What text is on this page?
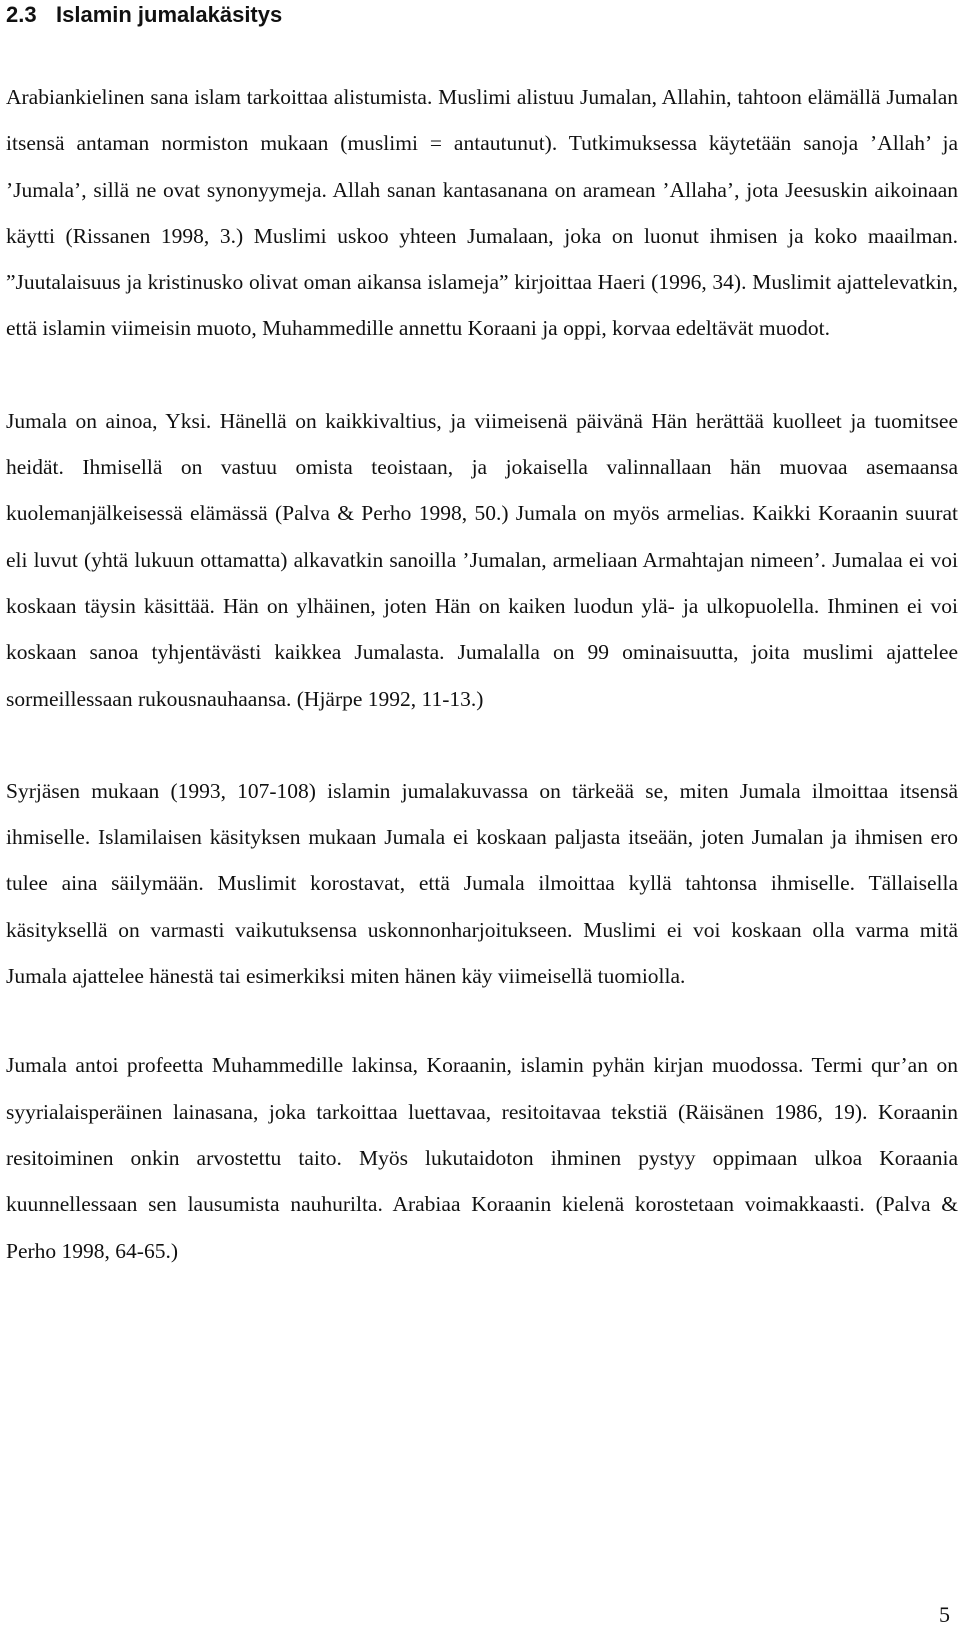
2.3 Islamin jumalakäsitys

Arabiankielinen sana islam tarkoittaa alistumista. Muslimi alistuu Jumalan, Allahin, tahtoon elämällä Jumalan itsensä antaman normiston mukaan (muslimi = antautunut). Tutkimuksessa käytetään sanoja ’Allah’ ja ’Jumala’, sillä ne ovat synonyymeja. Allah sanan kantasanana on aramean ’Allaha’, jota Jeesuskin aikoinaan käytti (Rissanen 1998, 3.) Muslimi uskoo yhteen Jumalaan, joka on luonut ihmisen ja koko maailman. ”Juutalaisuus ja kristinusko olivat oman aikansa islameja” kirjoittaa Haeri (1996, 34). Muslimit ajattelevatkin, että islamin viimeisin muoto, Muhammedille annettu Koraani ja oppi, korvaa edeltävät muodot.

Jumala on ainoa, Yksi. Hänellä on kaikkivaltius, ja viimeisenä päivänä Hän herättää kuolleet ja tuomitsee heidät. Ihmisellä on vastuu omista teoistaan, ja jokaisella valinnallaan hän muovaa asemaansa kuolemanjälkeisessä elämässä (Palva & Perho 1998, 50.) Jumala on myös armelias. Kaikki Koraanin suurat eli luvut (yhtä lukuun ottamatta) alkavatkin sanoilla ’Jumalan, armeliaan Armahtajan nimeen’. Jumalaa ei voi koskaan täysin käsittää. Hän on ylhäinen, joten Hän on kaiken luodun ylä- ja ulkopuolella. Ihminen ei voi koskaan sanoa tyhjentävästi kaikkea Jumalasta. Jumalalla on 99 ominaisuutta, joita muslimi ajattelee sormeillessaan rukousnauhaansa. (Hjärpe 1992, 11-13.)

Syrjäsen mukaan (1993, 107-108) islamin jumalakuvassa on tärkeää se, miten Jumala ilmoittaa itsensä ihmiselle. Islamilaisen käsityksen mukaan Jumala ei koskaan paljasta itseään, joten Jumalan ja ihmisen ero tulee aina säilymään. Muslimit korostavat, että Jumala ilmoittaa kyllä tahtonsa ihmiselle. Tällaisella käsityksellä on varmasti vaikutuksensa uskonnonharjoitukseen. Muslimi ei voi koskaan olla varma mitä Jumala ajattelee hänestä tai esimerkiksi miten hänen käy viimeisellä tuomiolla.

Jumala antoi profeetta Muhammedille lakinsa, Koraanin, islamin pyhän kirjan muodossa. Termi qur’an on syyrialaisperäinen lainasana, joka tarkoittaa luettavaa, resitoitavaa tekstiä (Räisänen 1986, 19). Koraanin resitoiminen onkin arvostettu taito. Myös lukutaidoton ihminen pystyy oppimaan ulkoa Koraania kuunnellessaan sen lausumista nauhurilta. Arabiaa Koraanin kielenä korostetaan voimakkaasti. (Palva & Perho 1998, 64-65.)

5
